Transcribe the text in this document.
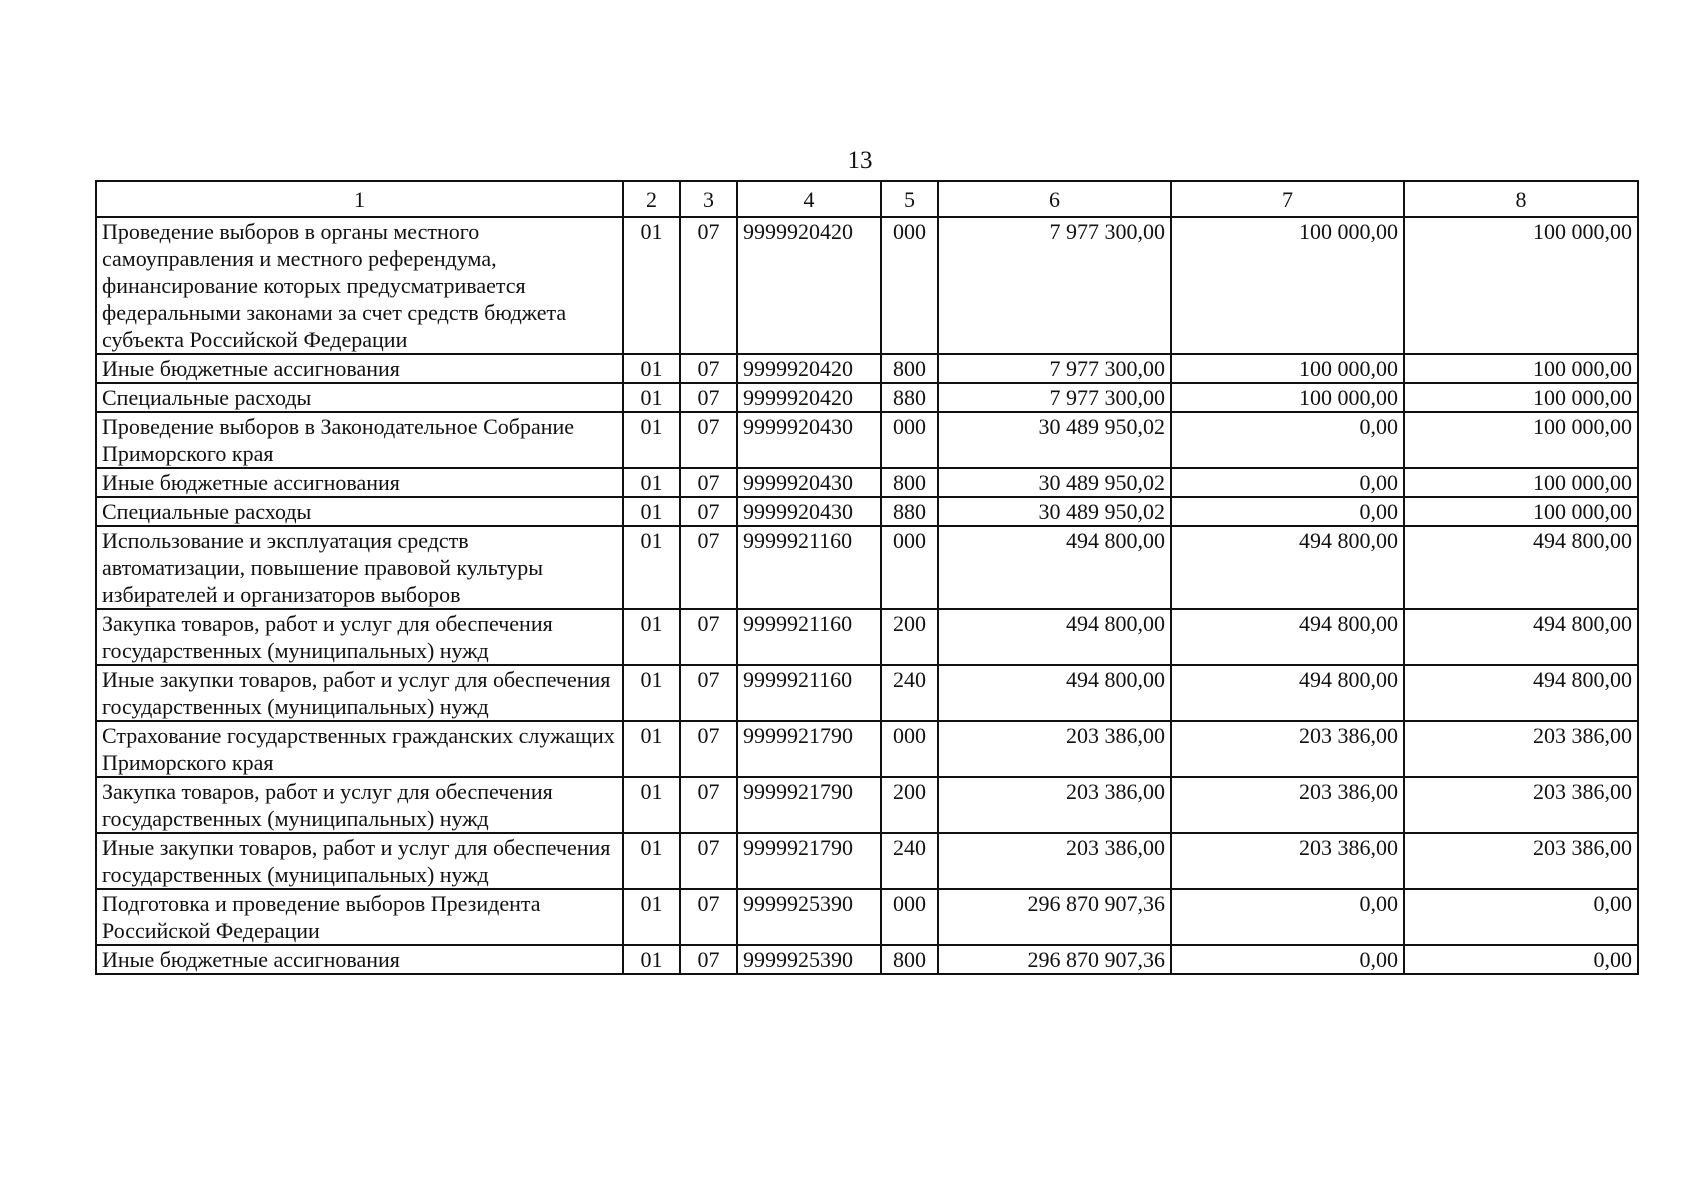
13
1	2	3	4	5	6	7	8
Проведение выборов в органы местного самоуправления и местного референдума, финансирование которых предусматривается федеральными законами за счет средств бюджета субъекта Российской Федерации	01	07	9999920420	000	7 977 300,00	100 000,00	100 000,00
Иные бюджетные ассигнования	01	07	9999920420	800	7 977 300,00	100 000,00	100 000,00
Специальные расходы	01	07	9999920420	880	7 977 300,00	100 000,00	100 000,00
Проведение выборов в Законодательное Собрание Приморского края	01	07	9999920430	000	30 489 950,02	0,00	100 000,00
Иные бюджетные ассигнования	01	07	9999920430	800	30 489 950,02	0,00	100 000,00
Специальные расходы	01	07	9999920430	880	30 489 950,02	0,00	100 000,00
Использование и эксплуатация средств автоматизации, повышение правовой культуры избирателей и организаторов выборов	01	07	9999921160	000	494 800,00	494 800,00	494 800,00
Закупка товаров, работ и услуг для обеспечения государственных (муниципальных) нужд	01	07	9999921160	200	494 800,00	494 800,00	494 800,00
Иные закупки товаров, работ и услуг для обеспечения государственных (муниципальных) нужд	01	07	9999921160	240	494 800,00	494 800,00	494 800,00
Страхование государственных гражданских служащих Приморского края	01	07	9999921790	000	203 386,00	203 386,00	203 386,00
Закупка товаров, работ и услуг для обеспечения государственных (муниципальных) нужд	01	07	9999921790	200	203 386,00	203 386,00	203 386,00
Иные закупки товаров, работ и услуг для обеспечения государственных (муниципальных) нужд	01	07	9999921790	240	203 386,00	203 386,00	203 386,00
Подготовка и проведение выборов Президента Российской Федерации	01	07	9999925390	000	296 870 907,36	0,00	0,00
Иные бюджетные ассигнования	01	07	9999925390	800	296 870 907,36	0,00	0,00
